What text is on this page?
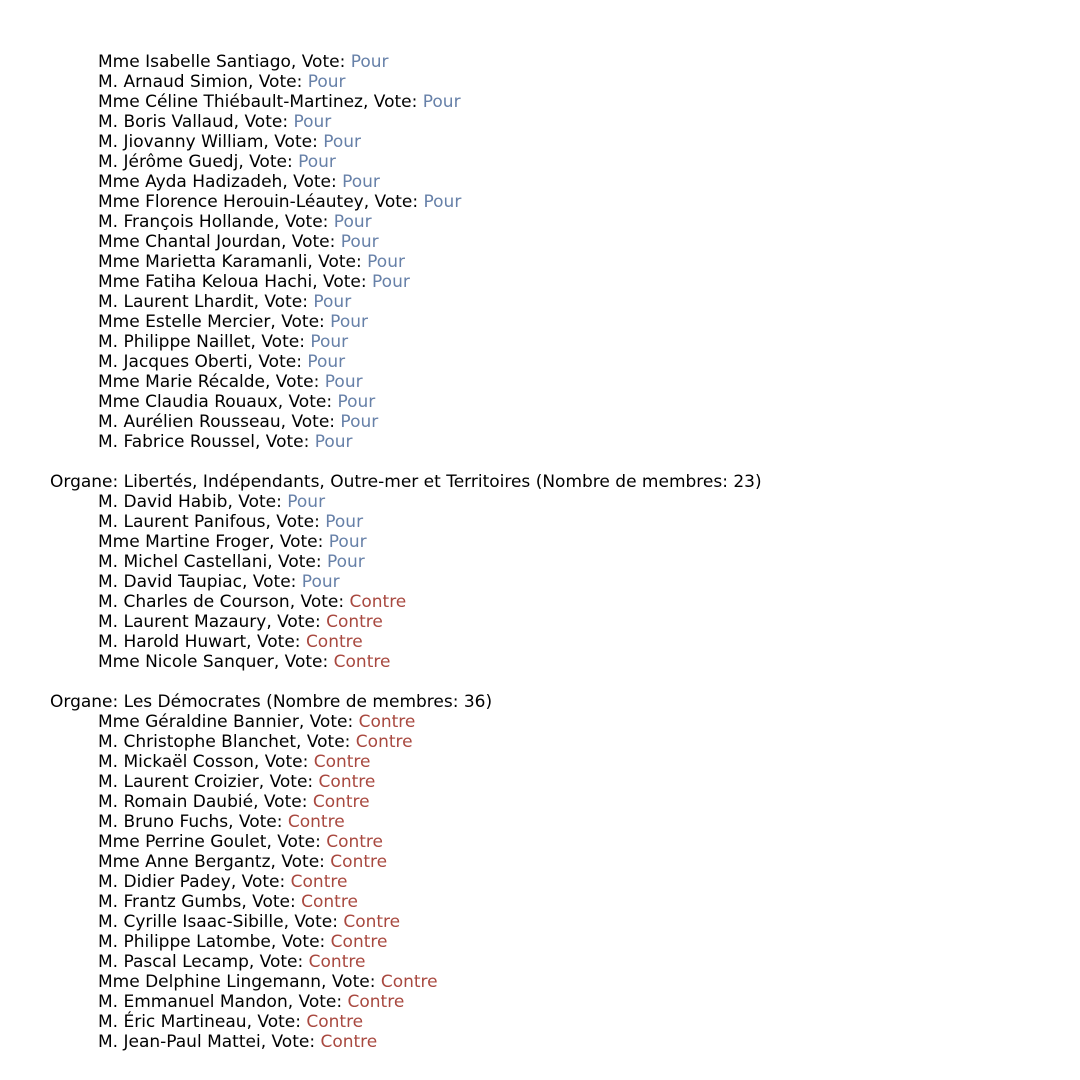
Mme Isabelle Santiago, Vote: Pour
M. Arnaud Simion, Vote: Pour
Mme Céline Thiébault-Martinez, Vote: Pour
M. Boris Vallaud, Vote: Pour
M. Jiovanny William, Vote: Pour
M. Jérôme Guedj, Vote: Pour
Mme Ayda Hadizadeh, Vote: Pour
Mme Florence Herouin-Léautey, Vote: Pour
M. François Hollande, Vote: Pour
Mme Chantal Jourdan, Vote: Pour
Mme Marietta Karamanli, Vote: Pour
Mme Fatiha Keloua Hachi, Vote: Pour
M. Laurent Lhardit, Vote: Pour
Mme Estelle Mercier, Vote: Pour
M. Philippe Naillet, Vote: Pour
M. Jacques Oberti, Vote: Pour
Mme Marie Récalde, Vote: Pour
Mme Claudia Rouaux, Vote: Pour
M. Aurélien Rousseau, Vote: Pour
M. Fabrice Roussel, Vote: Pour
Organe: Libertés, Indépendants, Outre-mer et Territoires (Nombre de membres: 23)
M. David Habib, Vote: Pour
M. Laurent Panifous, Vote: Pour
Mme Martine Froger, Vote: Pour
M. Michel Castellani, Vote: Pour
M. David Taupiac, Vote: Pour
M. Charles de Courson, Vote: Contre
M. Laurent Mazaury, Vote: Contre
M. Harold Huwart, Vote: Contre
Mme Nicole Sanquer, Vote: Contre
Organe: Les Démocrates (Nombre de membres: 36)
Mme Géraldine Bannier, Vote: Contre
M. Christophe Blanchet, Vote: Contre
M. Mickaël Cosson, Vote: Contre
M. Laurent Croizier, Vote: Contre
M. Romain Daubié, Vote: Contre
M. Bruno Fuchs, Vote: Contre
Mme Perrine Goulet, Vote: Contre
Mme Anne Bergantz, Vote: Contre
M. Didier Padey, Vote: Contre
M. Frantz Gumbs, Vote: Contre
M. Cyrille Isaac-Sibille, Vote: Contre
M. Philippe Latombe, Vote: Contre
M. Pascal Lecamp, Vote: Contre
Mme Delphine Lingemann, Vote: Contre
M. Emmanuel Mandon, Vote: Contre
M. Éric Martineau, Vote: Contre
M. Jean-Paul Mattei, Vote: Contre
